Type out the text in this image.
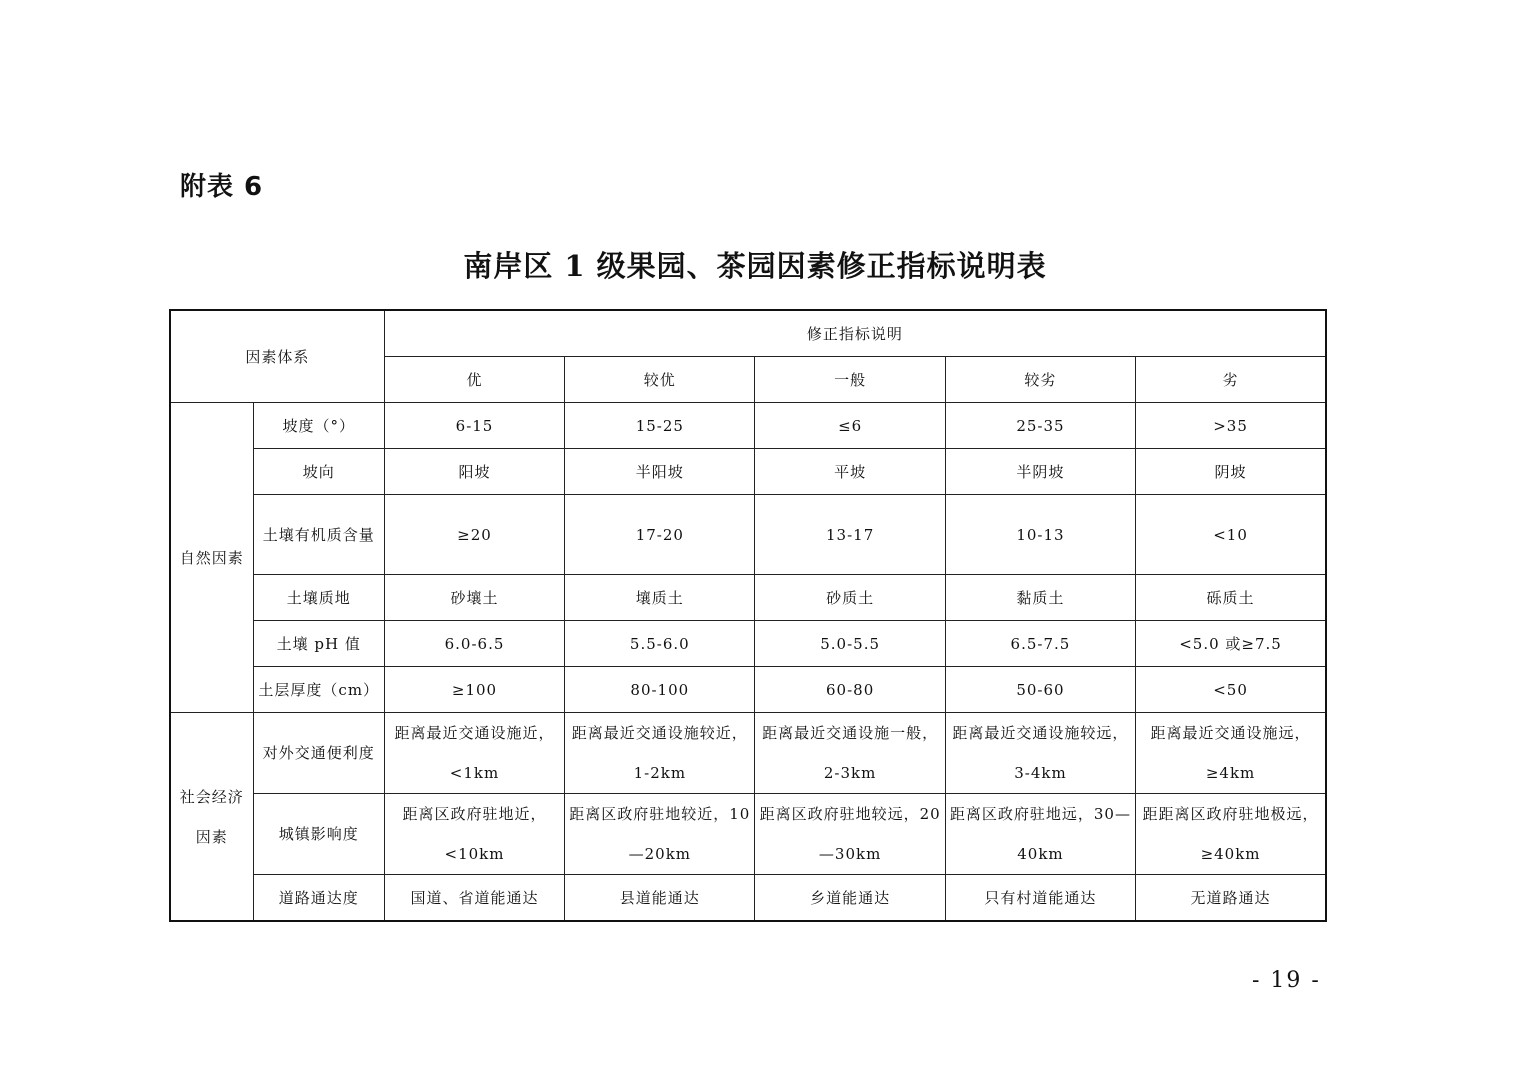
附表 6
南岸区 1 级果园、茶园因素修正指标说明表
因素体系		修正指标说明				
		优	较优	一般	较劣	劣
自然因素	坡度（°）	6-15	15-25	≤6	25-35	>35
	坡向	阳坡	半阳坡	平坡	半阴坡	阴坡
	土壤有机质含量	≥20	17-20	13-17	10-13	<10
	土壤质地	砂壤土	壤质土	砂质土	黏质土	砾质土
	土壤 pH 值	6.0-6.5	5.5-6.0	5.0-5.5	6.5-7.5	<5.0 或≥7.5
	土层厚度（cm）	≥100	80-100	60-80	50-60	<50
社会经济因素	对外交通便利度	距离最近交通设施近，<1km	距离最近交通设施较近，1-2km	距离最近交通设施一般，2-3km	距离最近交通设施较远，3-4km	距离最近交通设施远，≥4km
	城镇影响度	距离区政府驻地近，<10km	距离区政府驻地较近，10—20km	距离区政府驻地较远，20—30km	距离区政府驻地远，30—40km	距距离区政府驻地极远，≥40km
	道路通达度	国道、省道能通达	县道能通达	乡道能通达	只有村道能通达	无道路通达
- 19 -
